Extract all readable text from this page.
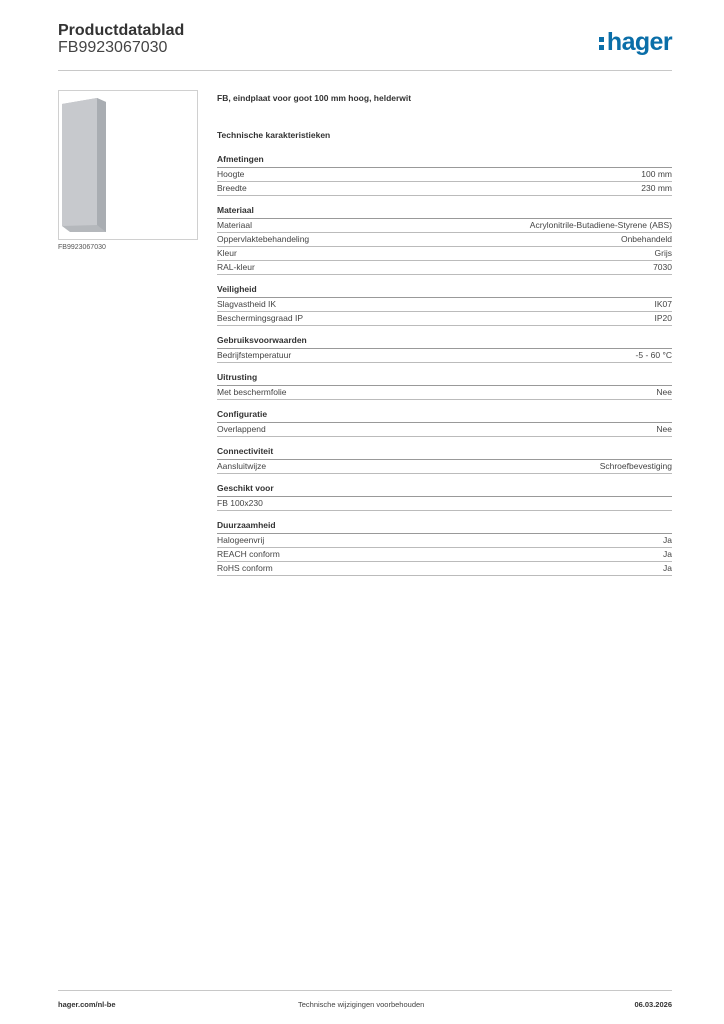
Productdatablad
FB9923067030	hager
FB9923067030
FB, eindplaat voor goot 100 mm hoog, helderwit
Technische karakteristieken
Afmetingen
Hoogte	100 mm
Breedte	230 mm
Materiaal
Materiaal	Acrylonitrile-Butadiene-Styrene (ABS)
Oppervlaktebehandeling	Onbehandeld
Kleur	Grijs
RAL-kleur	7030
Veiligheid
Slagvastheid IK	IK07
Beschermingsgraad IP	IP20
Gebruiksvoorwaarden
Bedrijfstemperatuur	-5 - 60 °C
Uitrusting
Met beschermfolie	Nee
Configuratie
Overlappend	Nee
Connectiviteit
Aansluitwijze	Schroefbevestiging
Geschikt voor
FB 100x230
Duurzaamheid
Halogeenvrij	Ja
REACH conform	Ja
RoHS conform	Ja
hager.com/nl-be	Technische wijzigingen voorbehouden	06.03.2026
